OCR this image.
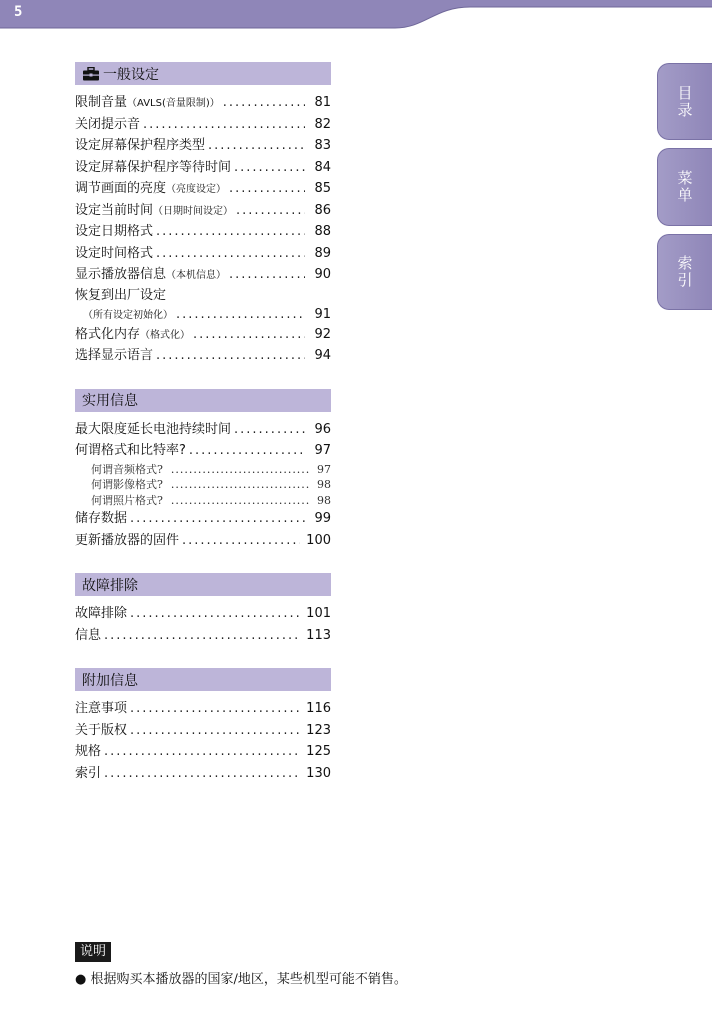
5
目录
菜单
索引
一般设定
限制音量（AVLS(音量限制)） .....	81
关闭提示音 .....	82
设定屏幕保护程序类型 .....	83
设定屏幕保护程序等待时间 .....	84
调节画面的亮度（亮度设定） .....	85
设定当前时间（日期时间设定） .....	86
设定日期格式 .....	88
设定时间格式 .....	89
显示播放器信息（本机信息） .....	90
恢复到出厂设定
（所有设定初始化） .....	91
格式化内存（格式化） .....	92
选择显示语言 .....	94
实用信息
最大限度延长电池持续时间 .....	96
何谓格式和比特率? .....	97
何谓音频格式? .....	97
何谓影像格式? .....	98
何谓照片格式? .....	98
储存数据 .....	99
更新播放器的固件 .....	100
故障排除
故障排除 .....	101
信息 .....	113
附加信息
注意事项 .....	116
关于版权 .....	123
规格 .....	125
索引 .....	130
说明
● 根据购买本播放器的国家/地区，某些机型可能不销售。
